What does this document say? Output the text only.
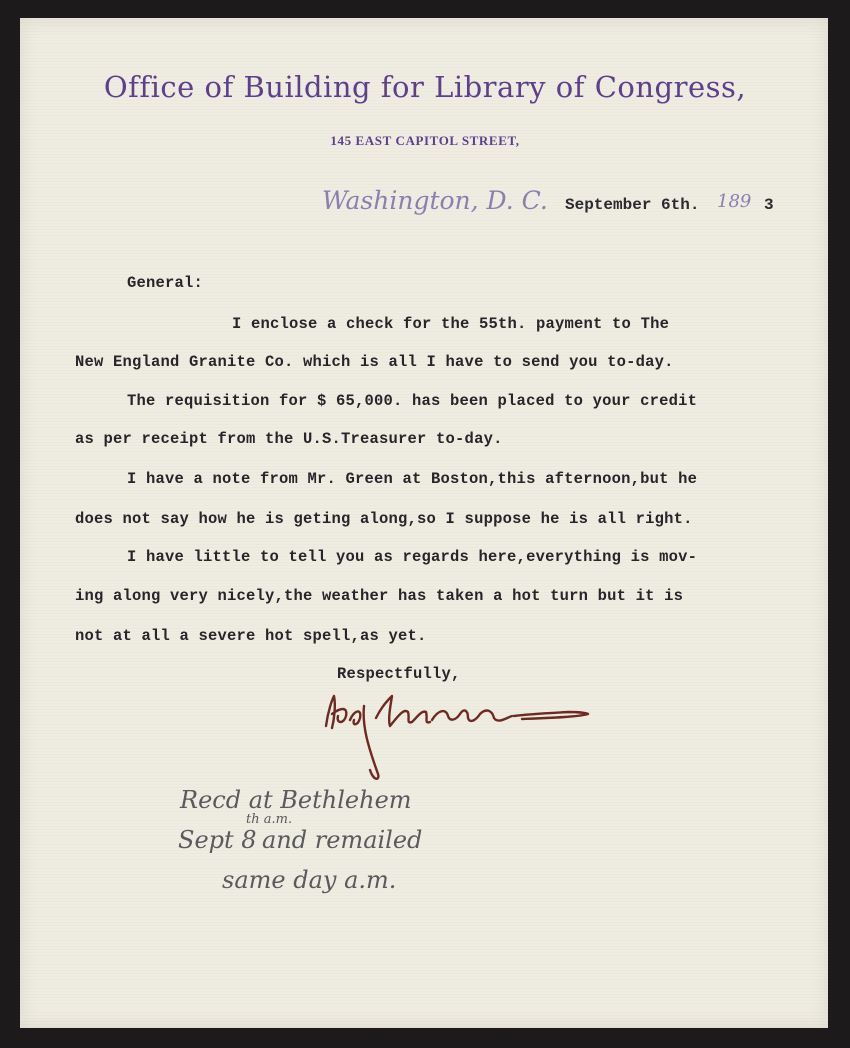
Office of Building for Library of Congress,
145 EAST CAPITOL STREET,
Washington, D. C. September 6th. 189 3
General:
I enclose a check for the 55th. payment to The
New England Granite Co. which is all I have to send you to-day.
The requisition for $ 65,000. has been placed to your credit
as per receipt from the U.S.Treasurer to-day.
I have a note from Mr. Green at Boston,this afternoon,but he
does not say how he is geting along,so I suppose he is all right.
I have little to tell you as regards here,everything is mov-
ing along very nicely,the weather has taken a hot turn but it is
not at all a severe hot spell,as yet.
Respectfully,
Recd at Bethlehem
Sept 8
th a.m.
and remailed
same day a.m.
